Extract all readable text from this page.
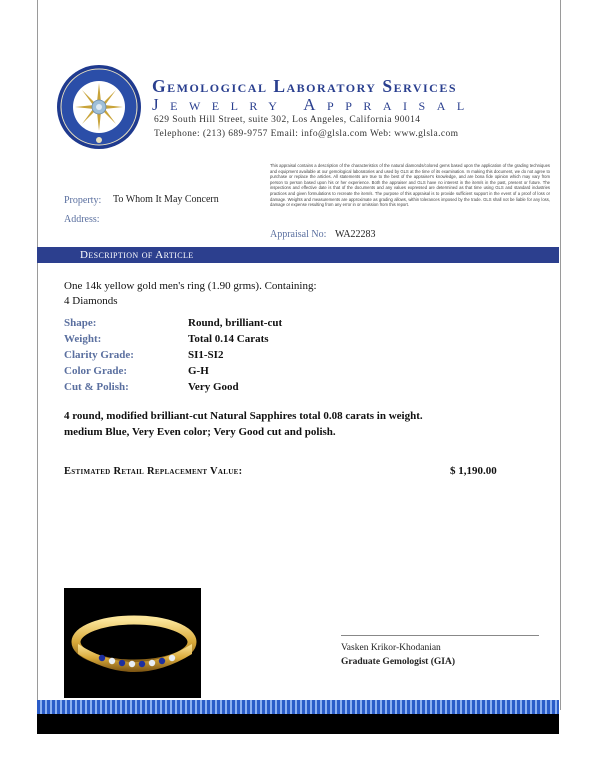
Gemological Laboratory Services
Jewelry Appraisal
629 South Hill Street, suite 302, Los Angeles, California 90014
Telephone: (213) 689-9757 Email: info@glsla.com Web: www.glsla.com
This appraisal contains a description of the characteristics of the natural diamonds/colored gems based upon the application of the grading techniques and equipment available at our gemological laboratories and used by GLS at the time of its examination. In making this document, we do not agree to purchase or replace the articles. All statements are true to the best of the appraiser's knowledge, and are bona fide opinion which may vary from person to person based upon his or her experience. Both the appraiser and GLS have no interest in the item/s in the past, present or future. The inspections and effective date is that of the documents and any values expressed are determined as that time using GLS and standard industries practices and given formulations to recreate the item/s. The purpose of this appraisal is to provide sufficient support in the event of a proof of loss or damage. Weights and measurements are approximate as grading allows, within tolerances imposed by the trade. GLS shall not be liable for any loss, damage or expense resulting from any error in or omission from this report.
Property: To Whom It May Concern
Address:
Appraisal No: WA22283
Description of Article
One 14k yellow gold men's ring (1.90 grms). Containing:
4 Diamonds
Shape:	Round, brilliant-cut
Weight:	Total 0.14 Carats
Clarity Grade:	SI1-SI2
Color Grade:	G-H
Cut & Polish:	Very Good
4 round, modified brilliant-cut Natural Sapphires total 0.08 carats in weight.
medium Blue, Very Even color; Very Good cut and polish.
Estimated Retail Replacement Value:	$ 1,190.00
Vasken Krikor-Khodanian
Graduate Gemologist (GIA)
